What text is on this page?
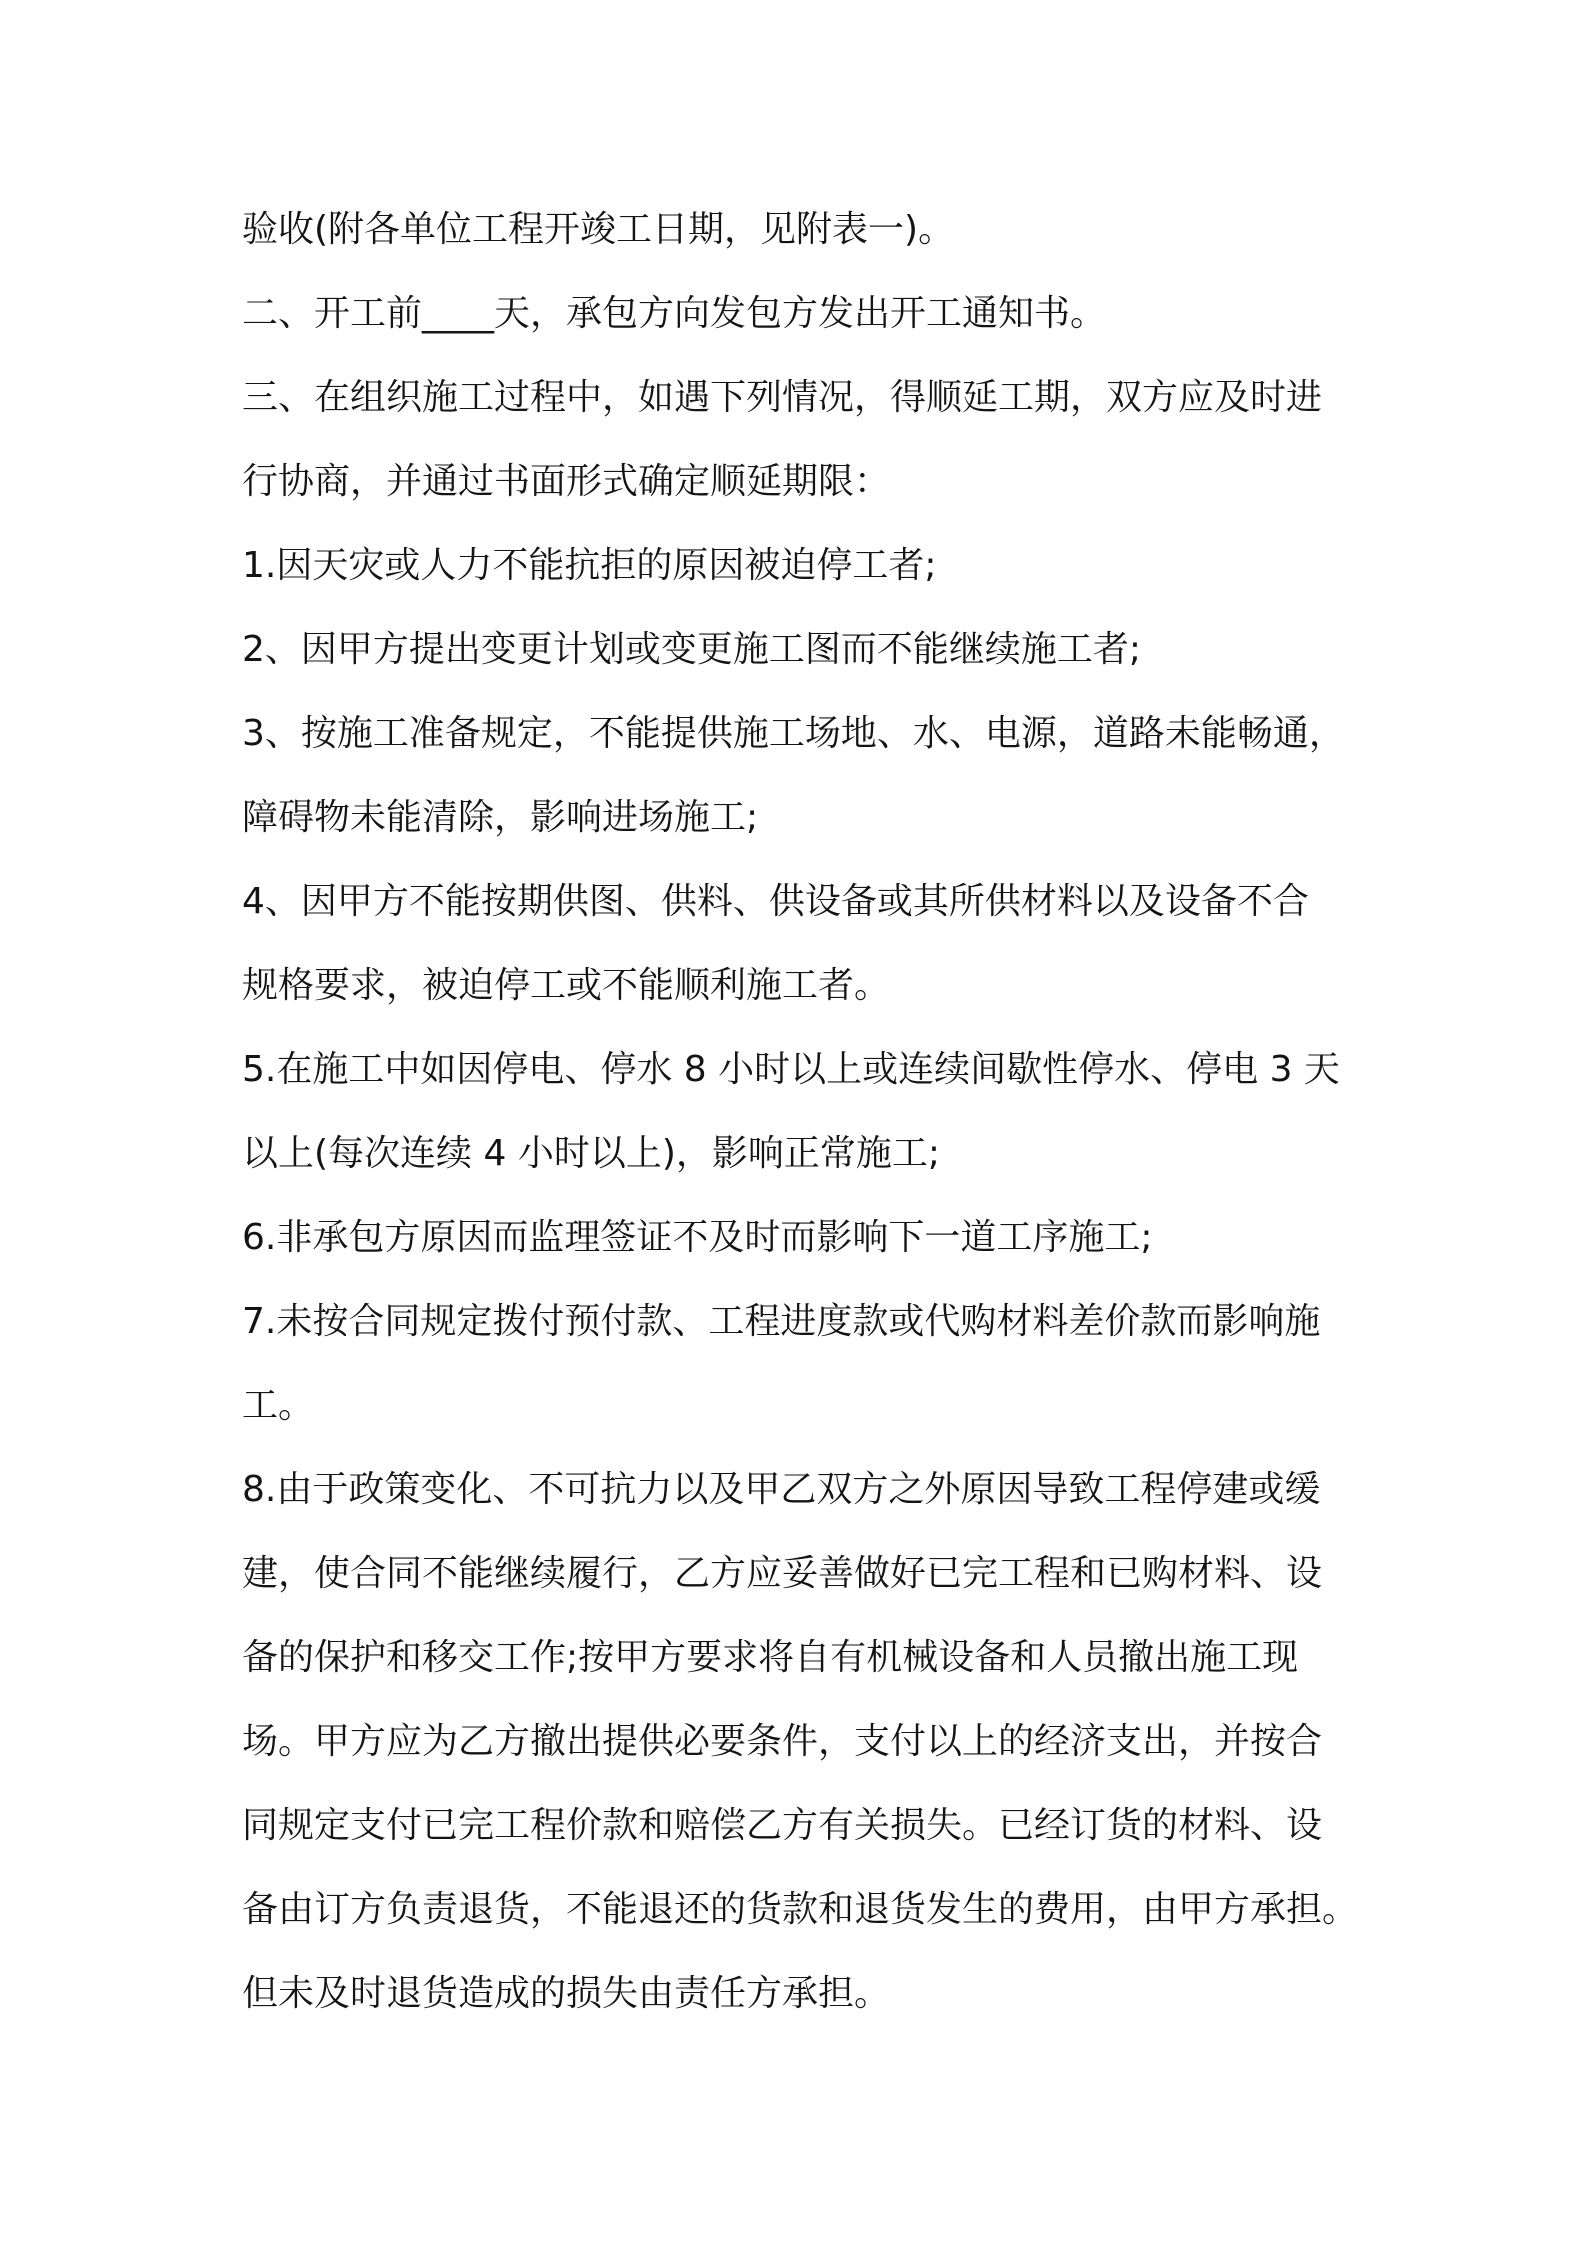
验收(附各单位工程开竣工日期，见附表一)。
二、开工前____天，承包方向发包方发出开工通知书。
三、在组织施工过程中，如遇下列情况，得顺延工期，双方应及时进
行协商，并通过书面形式确定顺延期限：
1.因天灾或人力不能抗拒的原因被迫停工者;
2、因甲方提出变更计划或变更施工图而不能继续施工者;
3、按施工准备规定，不能提供施工场地、水、电源，道路未能畅通，
障碍物未能清除，影响进场施工;
4、因甲方不能按期供图、供料、供设备或其所供材料以及设备不合
规格要求，被迫停工或不能顺利施工者。
5.在施工中如因停电、停水 8 小时以上或连续间歇性停水、停电 3 天
以上(每次连续 4 小时以上)，影响正常施工;
6.非承包方原因而监理签证不及时而影响下一道工序施工;
7.未按合同规定拨付预付款、工程进度款或代购材料差价款而影响施
工。
8.由于政策变化、不可抗力以及甲乙双方之外原因导致工程停建或缓
建，使合同不能继续履行，乙方应妥善做好已完工程和已购材料、设
备的保护和移交工作;按甲方要求将自有机械设备和人员撤出施工现
场。甲方应为乙方撤出提供必要条件，支付以上的经济支出，并按合
同规定支付已完工程价款和赔偿乙方有关损失。已经订货的材料、设
备由订方负责退货，不能退还的货款和退货发生的费用，由甲方承担。
但未及时退货造成的损失由责任方承担。
